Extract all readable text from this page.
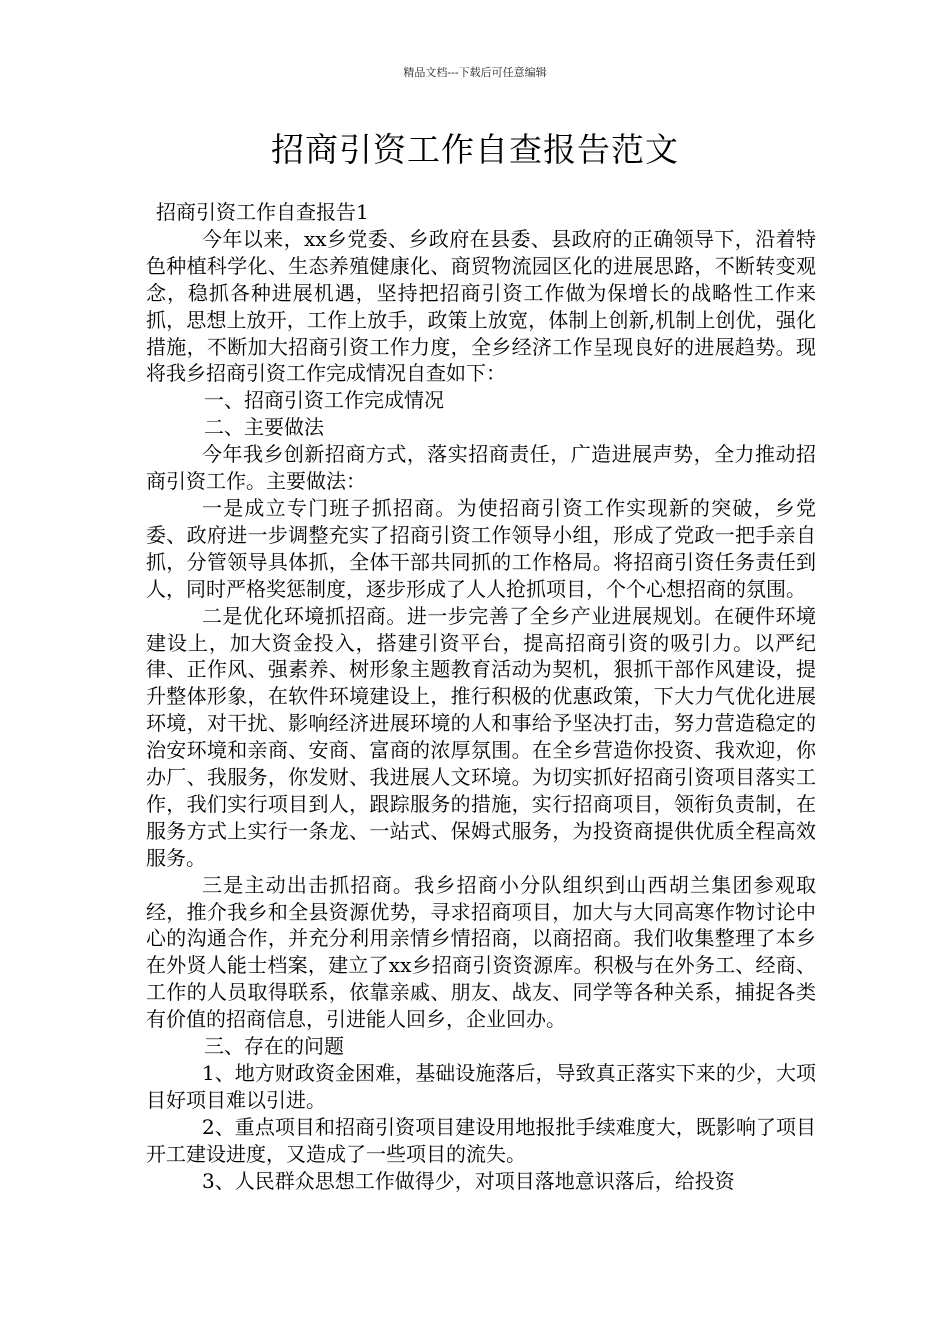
精品文档---下载后可任意编辑
招商引资工作自查报告范文

招商引资工作自查报告1

今年以来，xx乡党委、乡政府在县委、县政府的正确领导下，沿着特色种植科学化、生态养殖健康化、商贸物流园区化的进展思路，不断转变观念，稳抓各种进展机遇，坚持把招商引资工作做为保增长的战略性工作来抓，思想上放开，工作上放手，政策上放宽，体制上创新,机制上创优，强化措施，不断加大招商引资工作力度，全乡经济工作呈现良好的进展趋势。现将我乡招商引资工作完成情况自查如下：

一、招商引资工作完成情况

二、主要做法

今年我乡创新招商方式，落实招商责任，广造进展声势，全力推动招商引资工作。主要做法：

一是成立专门班子抓招商。为使招商引资工作实现新的突破，乡党委、政府进一步调整充实了招商引资工作领导小组，形成了党政一把手亲自抓，分管领导具体抓，全体干部共同抓的工作格局。将招商引资任务责任到人，同时严格奖惩制度，逐步形成了人人抢抓项目，个个心想招商的氛围。

二是优化环境抓招商。进一步完善了全乡产业进展规划。在硬件环境建设上，加大资金投入，搭建引资平台，提高招商引资的吸引力。以严纪律、正作风、强素养、树形象主题教育活动为契机，狠抓干部作风建设，提升整体形象，在软件环境建设上，推行积极的优惠政策，下大力气优化进展环境，对干扰、影响经济进展环境的人和事给予坚决打击，努力营造稳定的治安环境和亲商、安商、富商的浓厚氛围。在全乡营造你投资、我欢迎，你办厂、我服务，你发财、我进展人文环境。为切实抓好招商引资项目落实工作，我们实行项目到人，跟踪服务的措施，实行招商项目，领衔负责制，在服务方式上实行一条龙、一站式、保姆式服务，为投资商提供优质全程高效服务。

三是主动出击抓招商。我乡招商小分队组织到山西胡兰集团参观取经，推介我乡和全县资源优势，寻求招商项目，加大与大同高寒作物讨论中心的沟通合作，并充分利用亲情乡情招商，以商招商。我们收集整理了本乡在外贤人能士档案，建立了xx乡招商引资资源库。积极与在外务工、经商、工作的人员取得联系，依靠亲戚、朋友、战友、同学等各种关系，捕捉各类有价值的招商信息，引进能人回乡，企业回办。

三、存在的问题

1、地方财政资金困难，基础设施落后，导致真正落实下来的少，大项目好项目难以引进。

2、重点项目和招商引资项目建设用地报批手续难度大，既影响了项目开工建设进度，又造成了一些项目的流失。

3、人民群众思想工作做得少，对项目落地意识落后，给投资
